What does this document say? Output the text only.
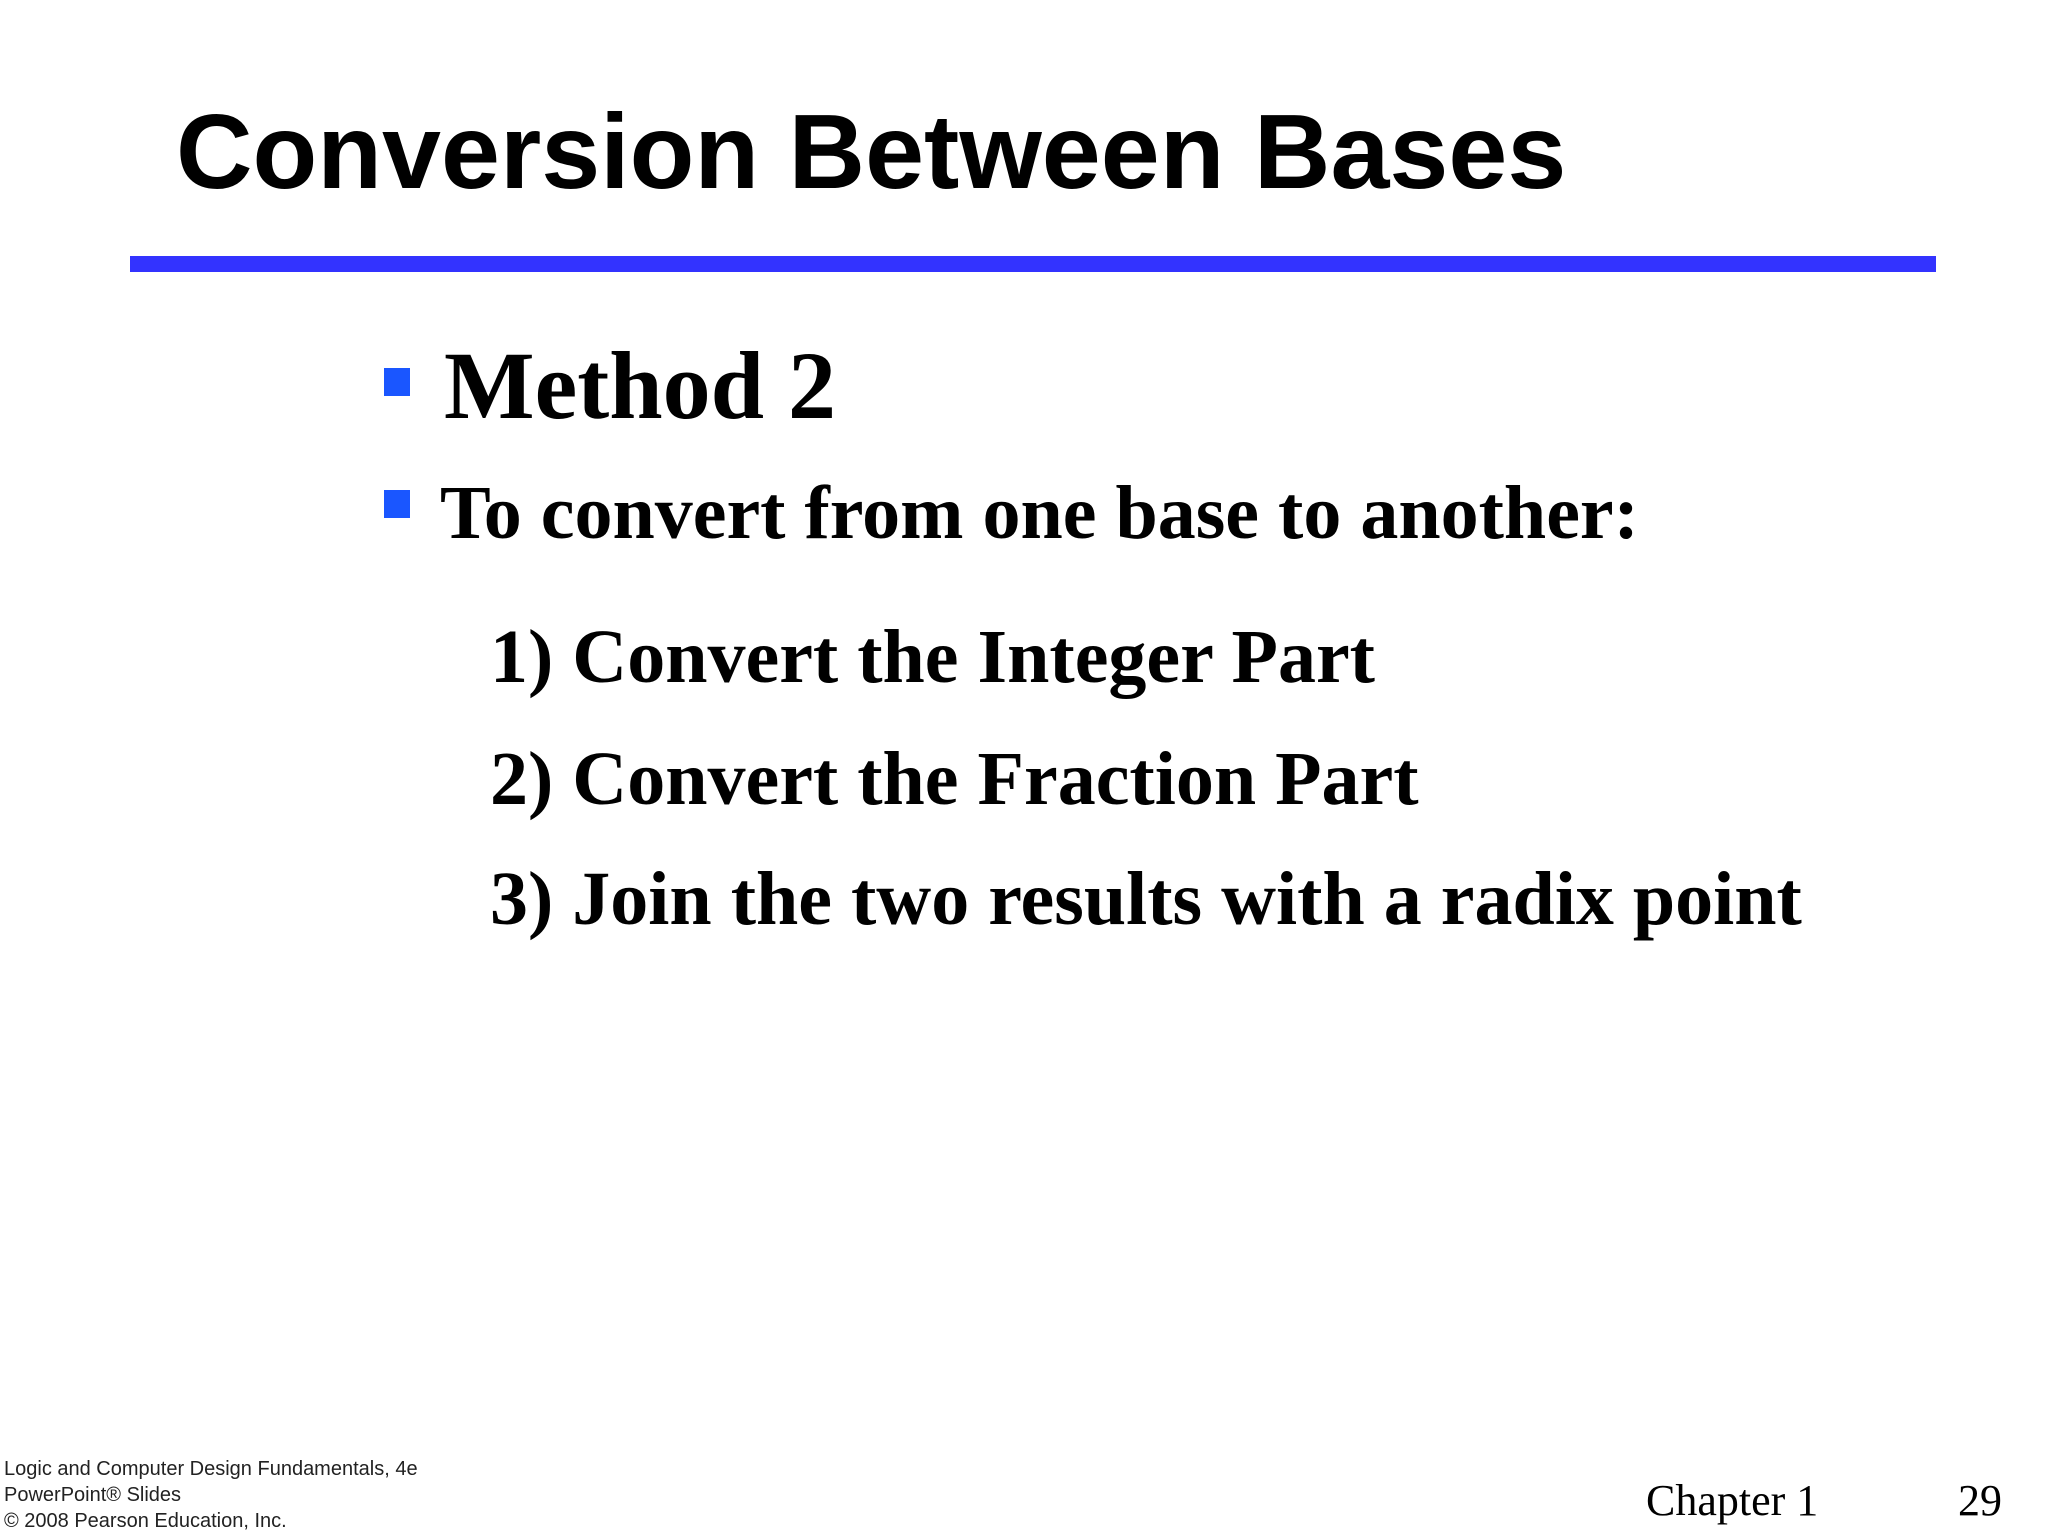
Conversion Between Bases
Method 2
To convert from one base to another:
1) Convert the Integer Part
2) Convert the Fraction Part
3) Join the two results with a radix point
Logic and Computer Design Fundamentals, 4e
PowerPoint® Slides
© 2008 Pearson Education, Inc.	Chapter 1	29
